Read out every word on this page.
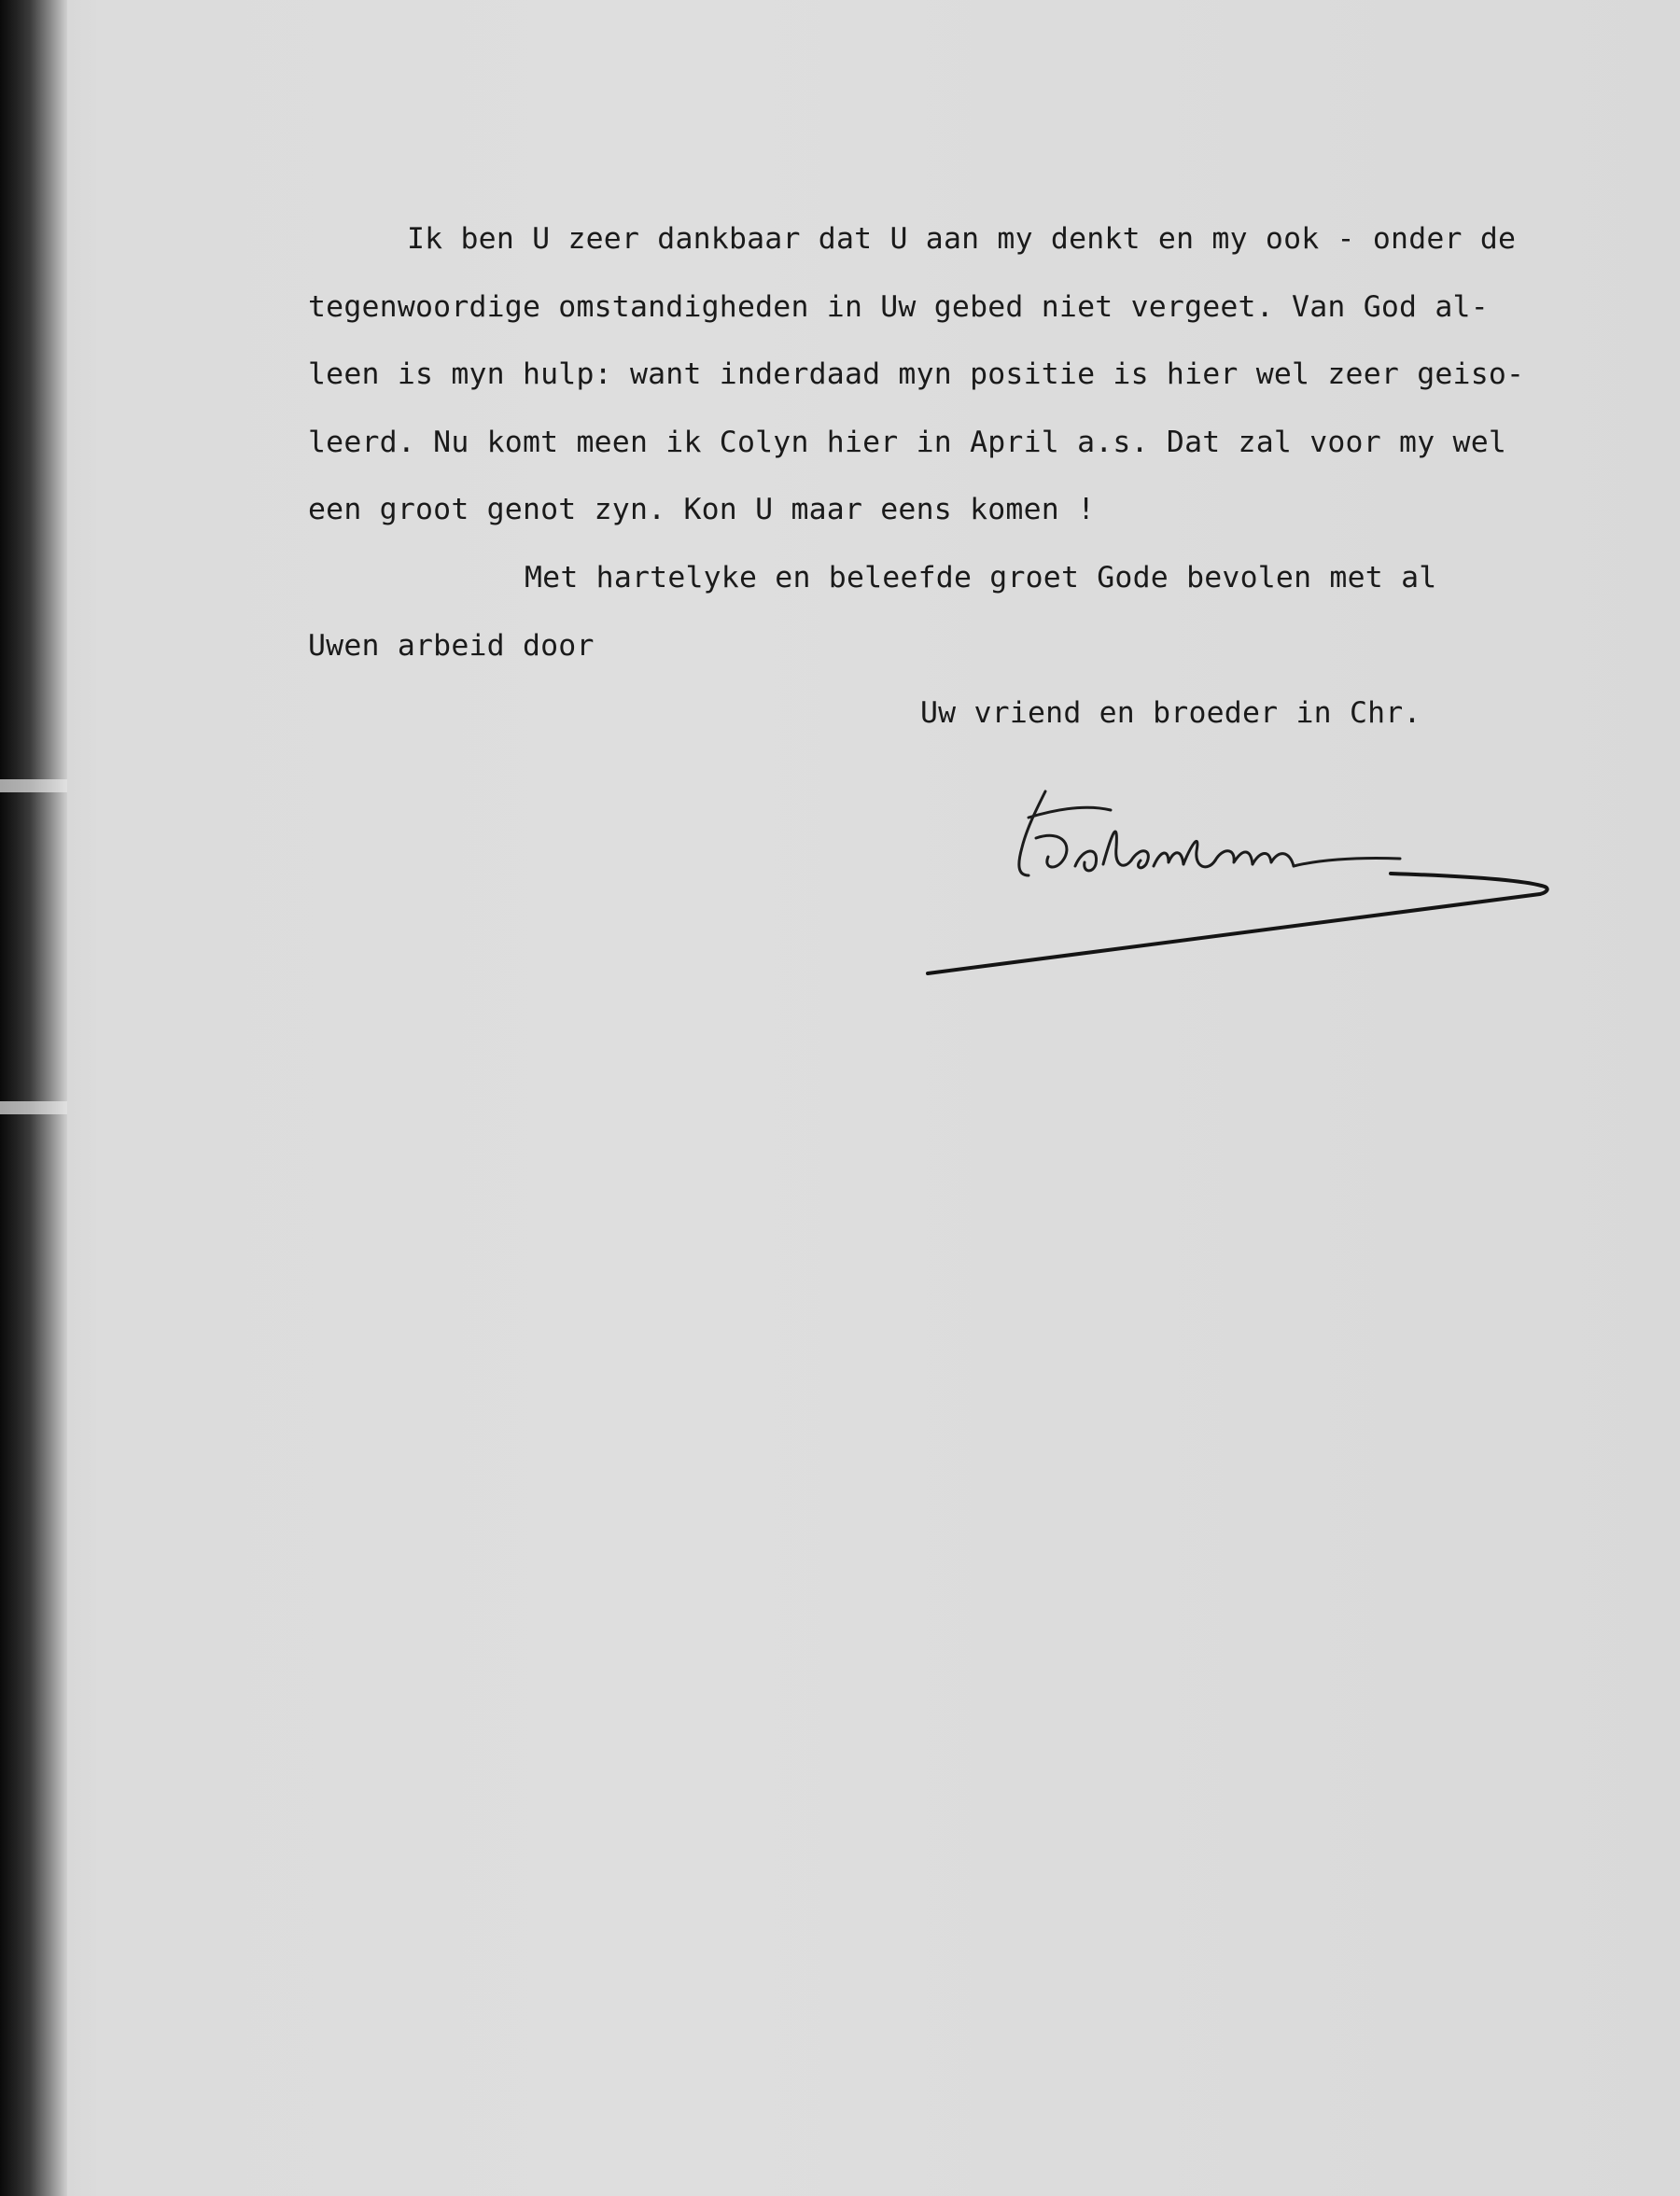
Ik ben U zeer dankbaar dat U aan my denkt en my ook - onder de
tegenwoordige omstandigheden in Uw gebed niet vergeet. Van God al-
leen is myn hulp: want inderdaad myn positie is hier wel zeer geiso-
leerd. Nu komt meen ik Colyn hier in April a.s. Dat zal voor my wel
een groot genot zyn. Kon U maar eens komen !
Met hartelyke en beleefde groet Gode bevolen met al
Uwen arbeid door
Uw vriend en broeder in Chr.
